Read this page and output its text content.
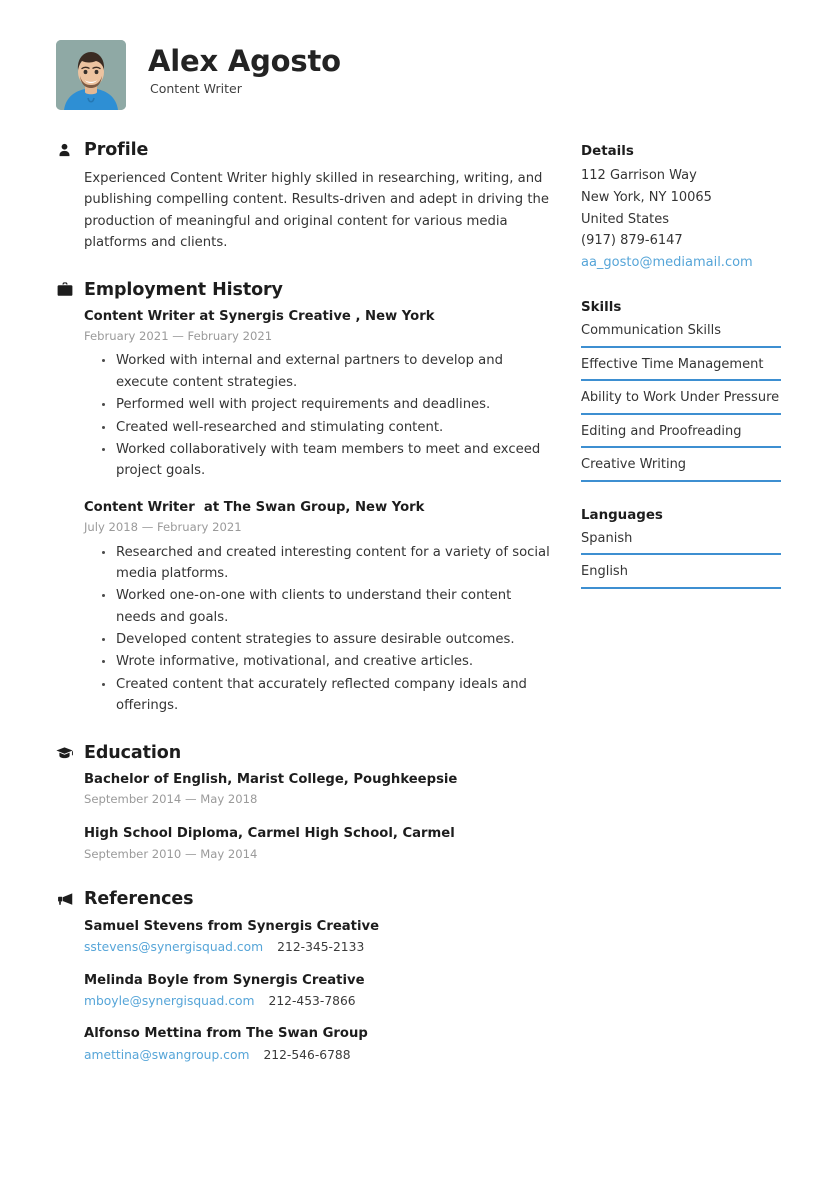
Alex Agosto
Content Writer
Profile
Experienced Content Writer highly skilled in researching, writing, and publishing compelling content. Results-driven and adept in driving the production of meaningful and original content for various media platforms and clients.
Employment History
Content Writer at Synergis Creative , New York
February 2021 — February 2021
Worked with internal and external partners to develop and execute content strategies.
Performed well with project requirements and deadlines.
Created well-researched and stimulating content.
Worked collaboratively with team members to meet and exceed project goals.
Content Writer  at The Swan Group, New York
July 2018 — February 2021
Researched and created interesting content for a variety of social media platforms.
Worked one-on-one with clients to understand their content needs and goals.
Developed content strategies to assure desirable outcomes.
Wrote informative, motivational, and creative articles.
Created content that accurately reflected company ideals and offerings.
Education
Bachelor of English, Marist College, Poughkeepsie
September 2014 — May 2018
High School Diploma, Carmel High School, Carmel
September 2010 — May 2014
References
Samuel Stevens from Synergis Creative
sstevens@synergisquad.com 212-345-2133
Melinda Boyle from Synergis Creative
mboyle@synergisquad.com 212-453-7866
Alfonso Mettina from The Swan Group
amettina@swangroup.com 212-546-6788
Details
112 Garrison Way
New York, NY 10065
United States
(917) 879-6147
aa_gosto@mediamail.com
Skills
Communication Skills
Effective Time Management
Ability to Work Under Pressure
Editing and Proofreading
Creative Writing
Languages
Spanish
English
